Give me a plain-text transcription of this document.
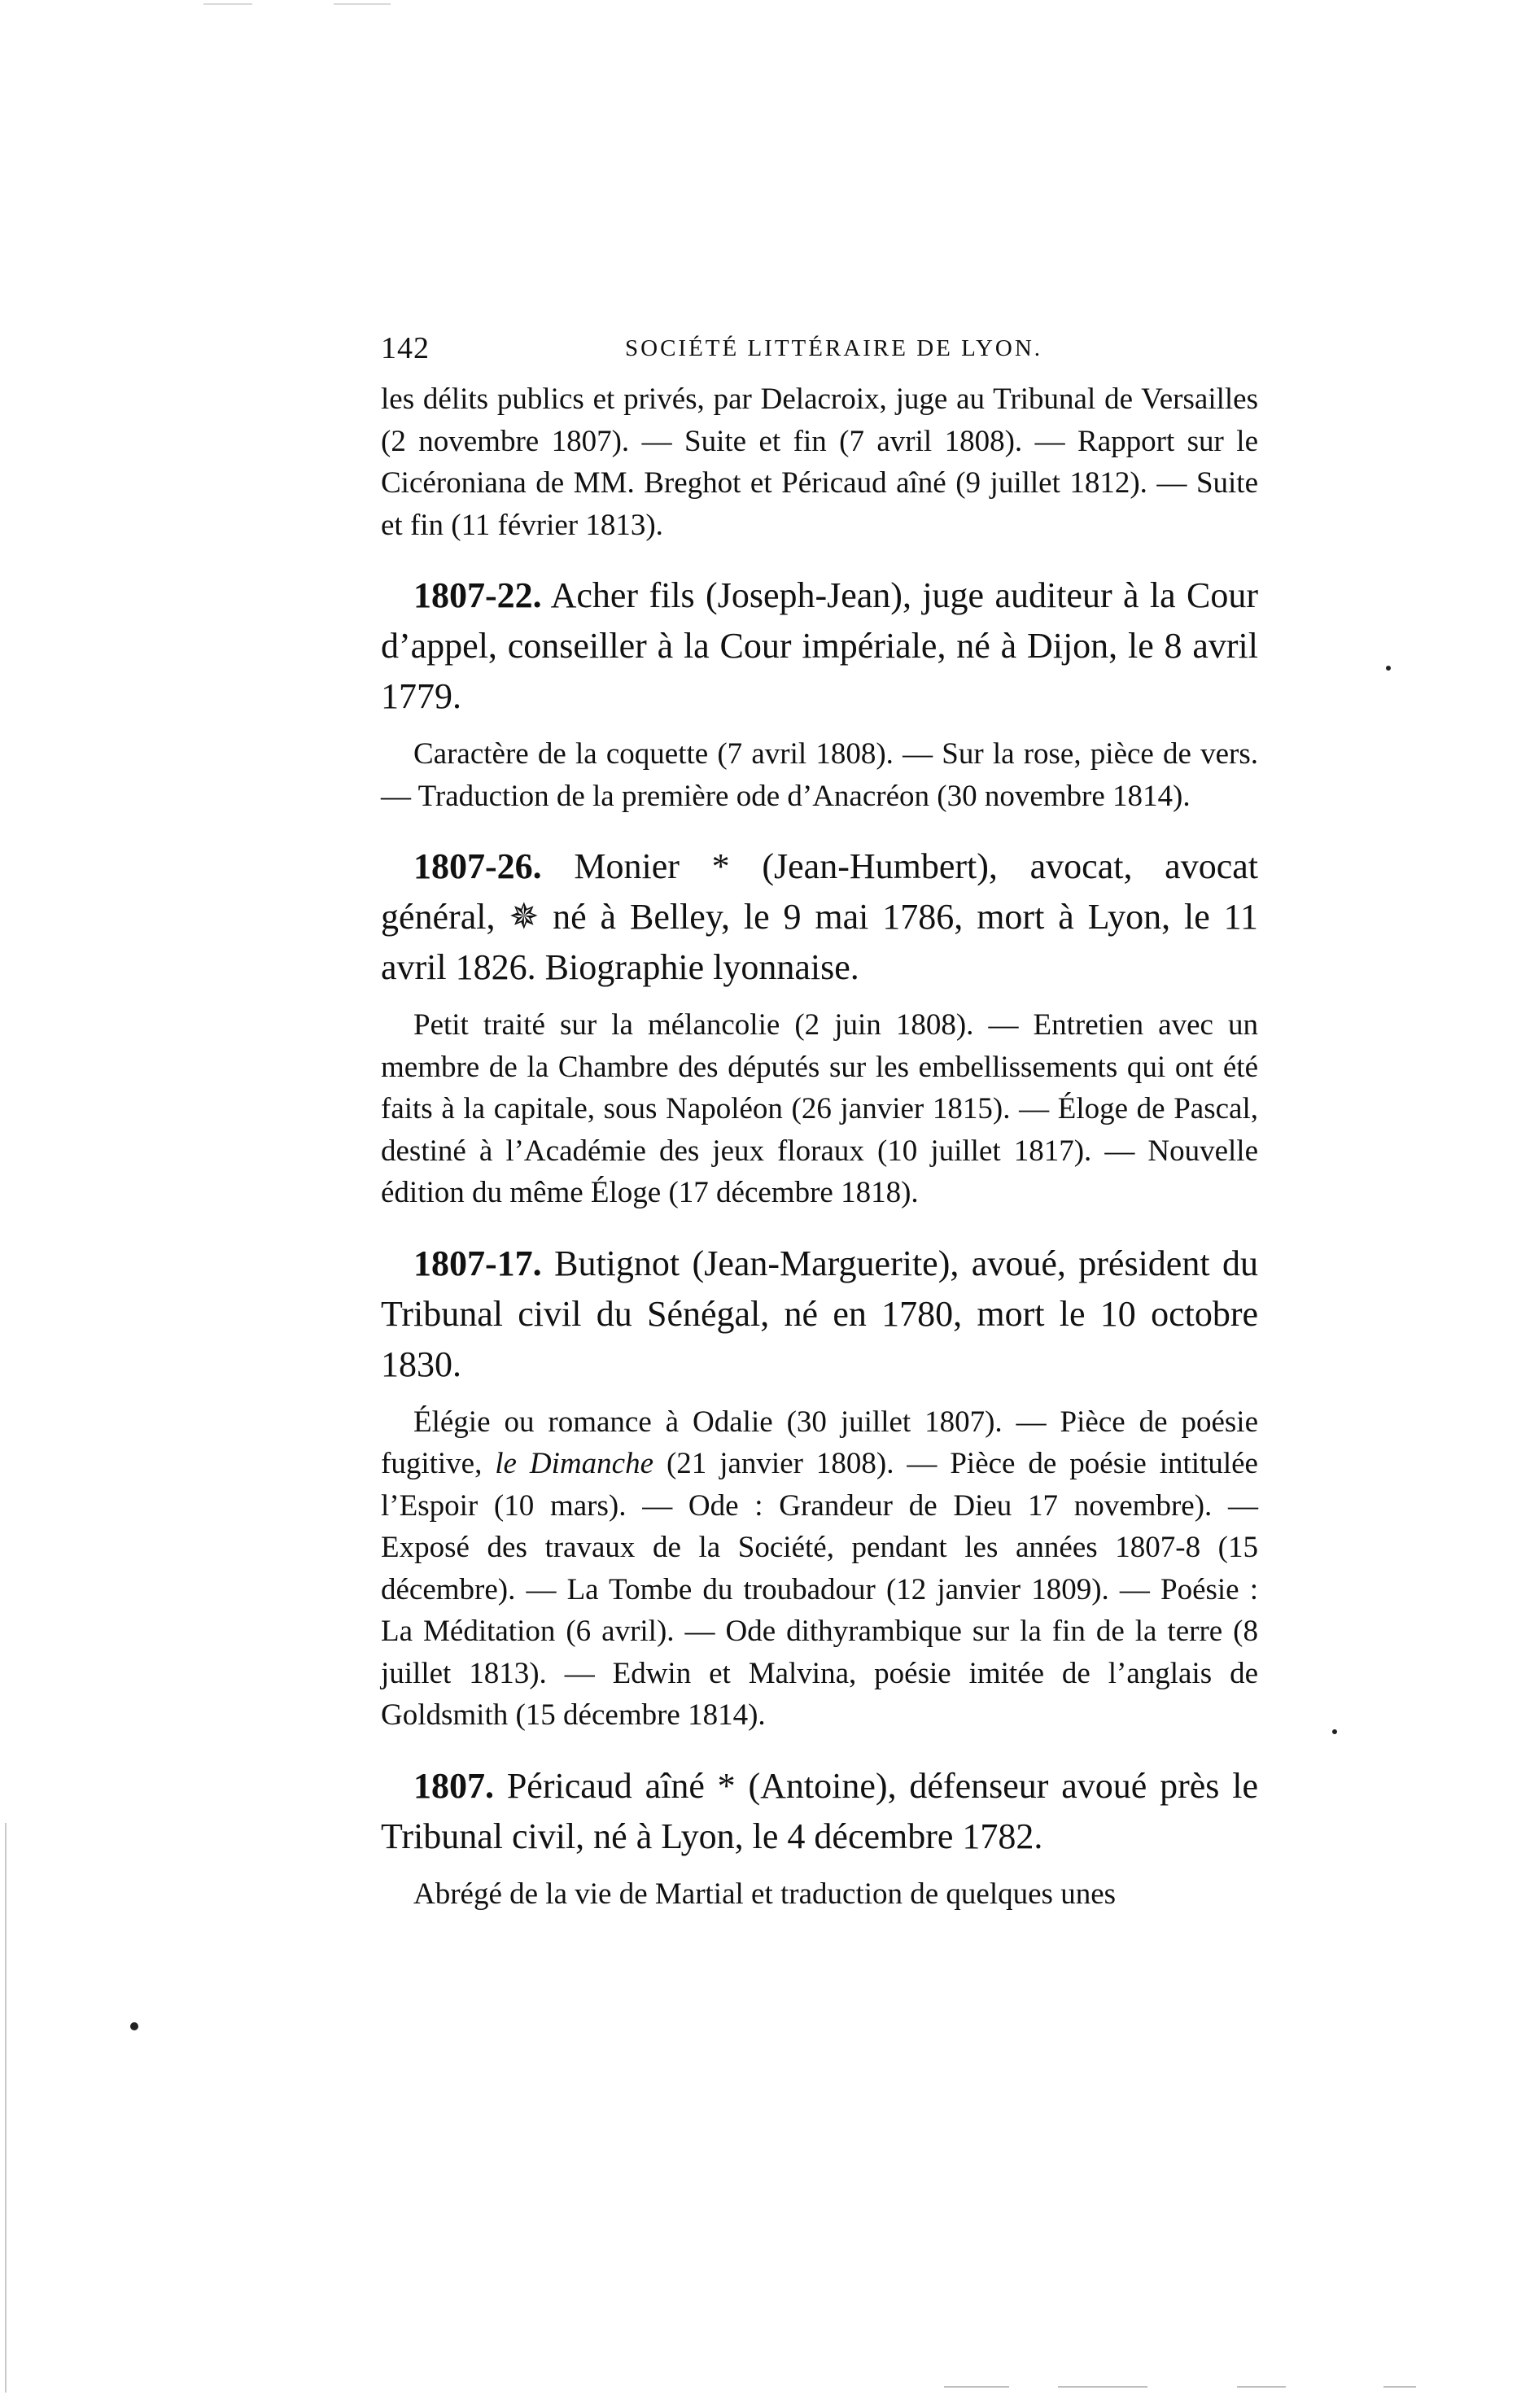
142	SOCIÉTÉ LITTÉRAIRE DE LYON.

les délits publics et privés, par Delacroix, juge au Tribunal de Versailles (2 novembre 1807). — Suite et fin (7 avril 1808). — Rapport sur le Cicéroniana de MM. Breghot et Péricaud aîné (9 juillet 1812). — Suite et fin (11 février 1813).

1807-22. Acher fils (Joseph-Jean), juge auditeur à la Cour d’appel, conseiller à la Cour impériale, né à Dijon, le 8 avril 1779.

Caractère de la coquette (7 avril 1808). — Sur la rose, pièce de vers. — Traduction de la première ode d’Anacréon (30 novembre 1814).

1807-26. Monier * (Jean-Humbert), avocat, avocat général, ✵ né à Belley, le 9 mai 1786, mort à Lyon, le 11 avril 1826. Biographie lyonnaise.

Petit traité sur la mélancolie (2 juin 1808). — Entretien avec un membre de la Chambre des députés sur les embellissements qui ont été faits à la capitale, sous Napoléon (26 janvier 1815). — Éloge de Pascal, destiné à l’Académie des jeux floraux (10 juillet 1817). — Nouvelle édition du même Éloge (17 décembre 1818).

1807-17. Butignot (Jean-Marguerite), avoué, président du Tribunal civil du Sénégal, né en 1780, mort le 10 octobre 1830.

Élégie ou romance à Odalie (30 juillet 1807). — Pièce de poésie fugitive, le Dimanche (21 janvier 1808). — Pièce de poésie intitulée l’Espoir (10 mars). — Ode : Grandeur de Dieu 17 novembre). — Exposé des travaux de la Société, pendant les années 1807-8 (15 décembre). — La Tombe du troubadour (12 janvier 1809). — Poésie : La Méditation (6 avril). — Ode dithyrambique sur la fin de la terre (8 juillet 1813). — Edwin et Malvina, poésie imitée de l’anglais de Goldsmith (15 décembre 1814).

1807. Péricaud aîné * (Antoine), défenseur avoué près le Tribunal civil, né à Lyon, le 4 décembre 1782.

Abrégé de la vie de Martial et traduction de quelques unes
